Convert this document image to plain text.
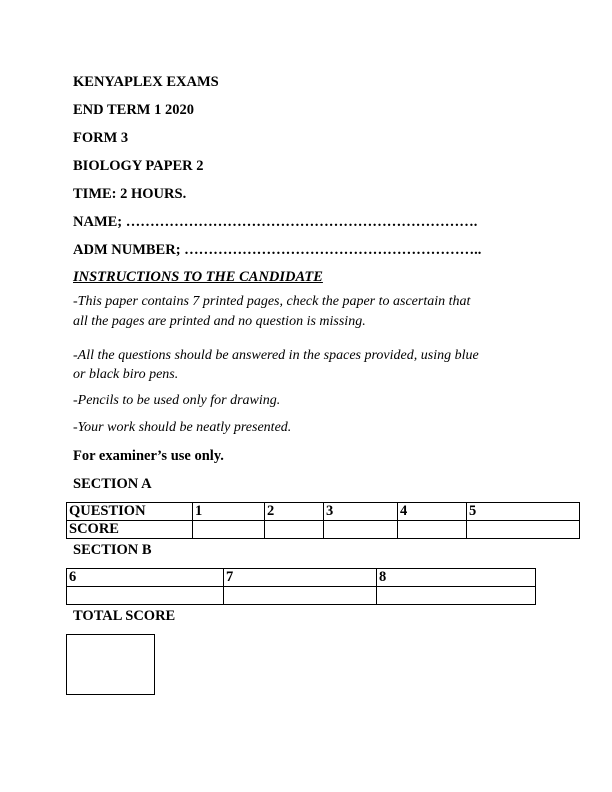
KENYAPLEX EXAMS
END TERM 1 2020
FORM 3
BIOLOGY PAPER 2
TIME: 2 HOURS.
NAME; ……………………………………………………………….
ADM NUMBER; ……………………………………………………..
INSTRUCTIONS TO THE CANDIDATE
-This paper contains 7 printed pages, check the paper to ascertain that
all the pages are printed and no question is missing.
-All the questions should be answered in the spaces provided, using blue
or black biro pens.
-Pencils to be used only for drawing.
-Your work should be neatly presented.
For examiner’s use only.
SECTION A
QUESTION	1	2	3	4	5
SCORE					
SECTION B
6	7	8

TOTAL SCORE
